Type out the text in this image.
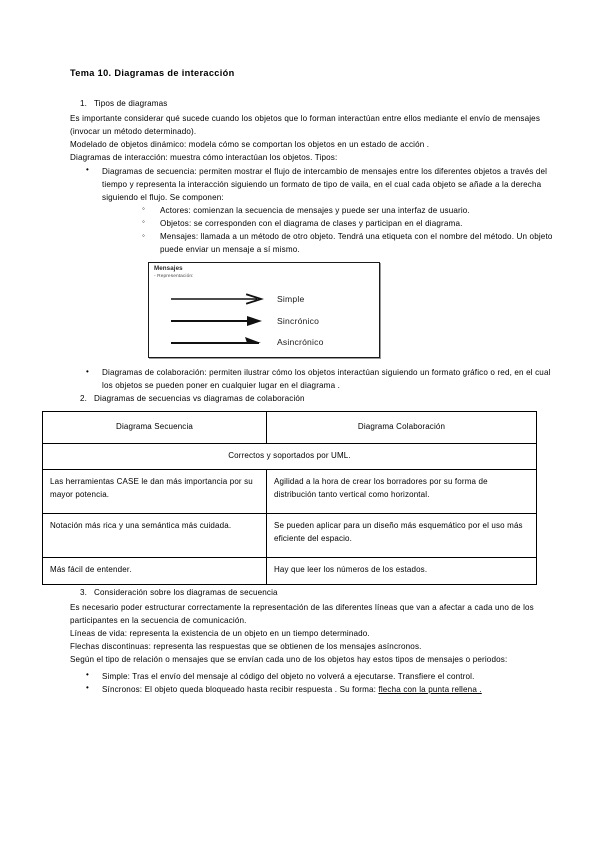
Tema 10. Diagramas de interacción
1. Tipos de diagramas

Es importante considerar qué sucede cuando los objetos que lo forman interactúan entre ellos mediante el envío de mensajes (invocar un método determinado).

Modelado de objetos dinámico: modela cómo se comportan los objetos en un estado de acción .

Diagramas de interacción: muestra cómo interactúan los objetos. Tipos:

• Diagramas de secuencia: permiten mostrar el flujo de intercambio de mensajes entre los diferentes objetos a través del tiempo y representa la interacción siguiendo un formato de tipo de vaila, en el cual cada objeto se añade a la derecha siguiendo el flujo. Se componen:
◦ Actores: comienzan la secuencia de mensajes y puede ser una interfaz de usuario.
◦ Objetos: se corresponden con el diagrama de clases y participan en el diagrama.
◦ Mensajes: llamada a un método de otro objeto. Tendrá una etiqueta con el nombre del método. Un objeto puede enviar un mensaje a sí mismo.
Mensajes
- Representación:
Simple
Sincrónico
Asincrónico
• Diagramas de colaboración: permiten ilustrar cómo los objetos interactúan siguiendo un formato gráfico o red, en el cual los objetos se pueden poner en cualquier lugar en el diagrama .
2. Diagramas de secuencias vs diagramas de colaboración
Diagrama Secuencia	Diagrama Colaboración
Correctos y soportados por UML.	
Las herramientas CASE le dan más importancia por su mayor potencia.	Agilidad a la hora de crear los borradores por su forma de distribución tanto vertical como horizontal.
Notación más rica y una semántica más cuidada.	Se pueden aplicar para un diseño más esquemático por el uso más eficiente del espacio.
Más fácil de entender.	Hay que leer los números de los estados.
3. Consideración sobre los diagramas de secuencia

Es necesario poder estructurar correctamente la representación de las diferentes líneas que van a afectar a cada uno de los participantes en la secuencia de comunicación.

Líneas de vida: representa la existencia de un objeto en un tiempo determinado.

Flechas discontinuas: representa las respuestas que se obtienen de los mensajes asíncronos.

Según el tipo de relación o mensajes que se envían cada uno de los objetos hay estos tipos de mensajes o periodos:

• Simple: Tras el envío del mensaje al código del objeto no volverá a ejecutarse. Transfiere el control.
• Síncronos: El objeto queda bloqueado hasta recibir respuesta . Su forma: flecha con la punta rellena .
